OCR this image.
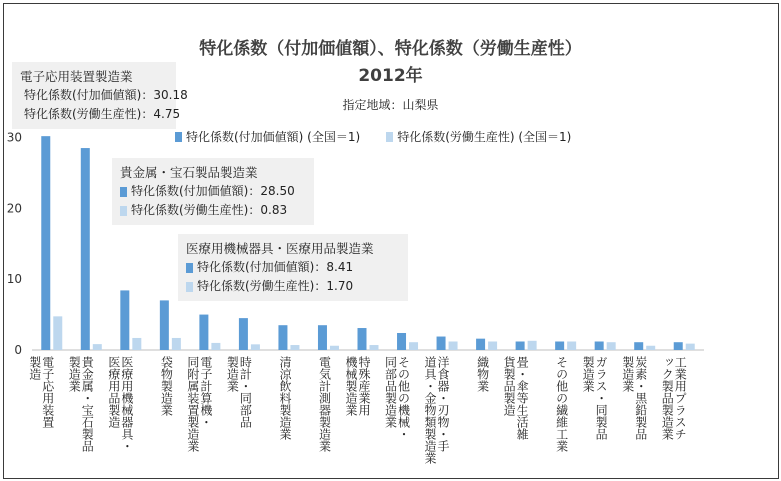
特化係数（付加価値額）、特化係数（労働生産性）
2012年
指定地域：山梨県
特化係数(付加価値額) (全国＝1)	特化係数(労働生産性) (全国＝1)
0
10
20
30
電子応用装置製造業
特化係数(付加価値額)：30.18
特化係数(労働生産性)：4.75
貴金属・宝石製品製造業
特化係数(付加価値額)：28.50
特化係数(労働生産性)：0.83
医療用機械器具・医療用品製造業
特化係数(付加価値額)：8.41
特化係数(労働生産性)：1.70
電子応用装置
製造	貴金属・宝石製品
製造業	医療用機械器具・
医療用品製造	袋物製造業 電子計算機・
同附属装置製造業	時計・同部品
製造業	清涼飲料製造業 電気計測器製造業 特殊産業用
機械製造業	その他の機械・
同部品製造業	洋食器・刃物・手
道具・金物類製造業	織物業 畳・傘等生活雑
貨製品製造	その他の繊維工業 ガラス・同製品
製造業	炭素・黒鉛製品
製造業	工業用プラスチ
ック製品製造業
